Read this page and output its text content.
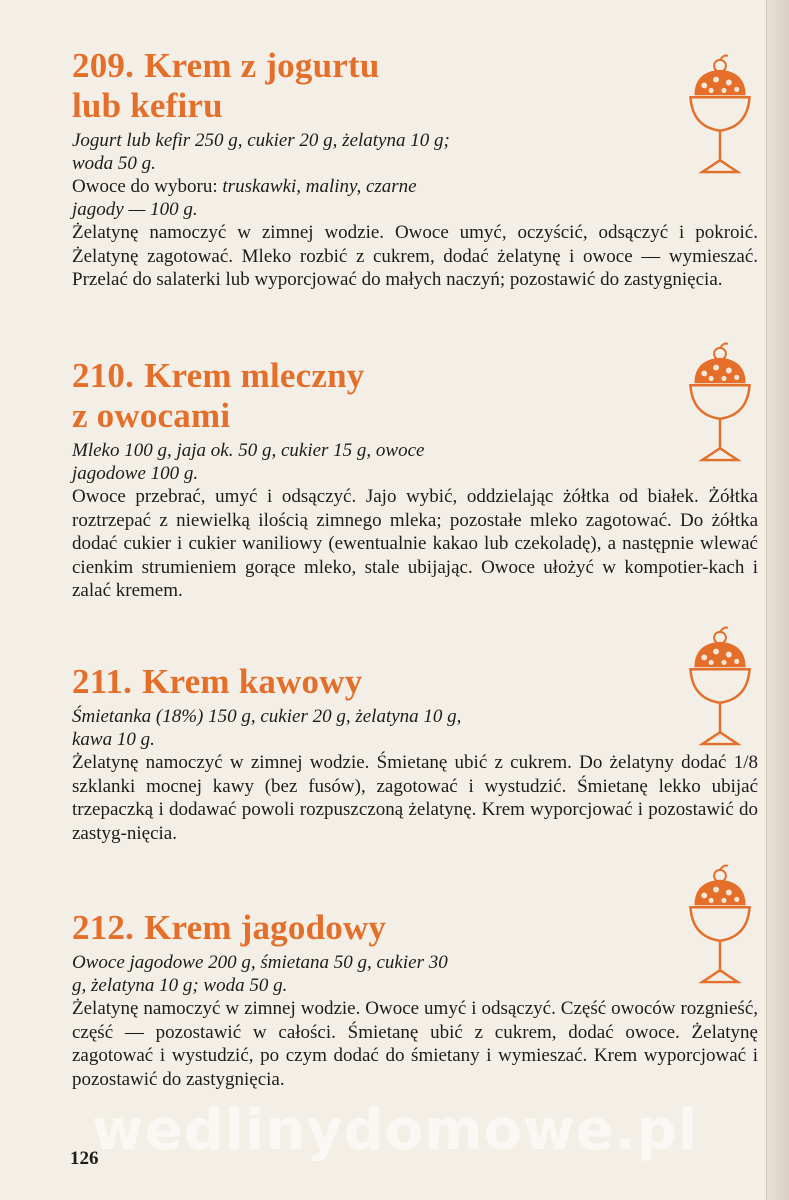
209. Krem z jogurtu
lub kefiru

Jogurt lub kefir 250 g, cukier 20 g, żelatyna 10 g; woda 50 g.

Owoce do wyboru: truskawki, maliny, czarne jagody — 100 g.

Żelatynę namoczyć w zimnej wodzie. Owoce umyć, oczyścić, odsączyć i pokroić. Żelatynę zagotować. Mleko rozbić z cukrem, dodać żelatynę i owoce — wymieszać. Przelać do salaterki lub wyporcjować do małych naczyń; pozostawić do zastygnięcia.

210. Krem mleczny
z owocami

Mleko 100 g, jaja ok. 50 g, cukier 15 g, owoce jagodowe 100 g.

Owoce przebrać, umyć i odsączyć. Jajo wybić, oddzielając żółtka od białek. Żółtka roztrzepać z niewielką ilością zimnego mleka; pozostałe mleko zagotować. Do żółtka dodać cukier i cukier waniliowy (ewentualnie kakao lub czekoladę), a następnie wlewać cienkim strumieniem gorące mleko, stale ubijając. Owoce ułożyć w kompotier-kach i zalać kremem.

211. Krem kawowy

Śmietanka (18%) 150 g, cukier 20 g, żelatyna 10 g, kawa 10 g.

Żelatynę namoczyć w zimnej wodzie. Śmietanę ubić z cukrem. Do żelatyny dodać 1/8 szklanki mocnej kawy (bez fusów), zagotować i wystudzić. Śmietanę lekko ubijać trzepaczką i dodawać powoli rozpuszczoną żelatynę. Krem wyporcjować i pozostawić do zastyg-nięcia.

212. Krem jagodowy

Owoce jagodowe 200 g, śmietana 50 g, cukier 30 g, żelatyna 10 g; woda 50 g.

Żelatynę namoczyć w zimnej wodzie. Owoce umyć i odsączyć. Część owoców rozgnieść, część — pozostawić w całości. Śmietanę ubić z cukrem, dodać owoce. Żelatynę zagotować i wystudzić, po czym dodać do śmietany i wymieszać. Krem wyporcjować i pozostawić do zastygnięcia.

wedlinydomowe.pl
126
